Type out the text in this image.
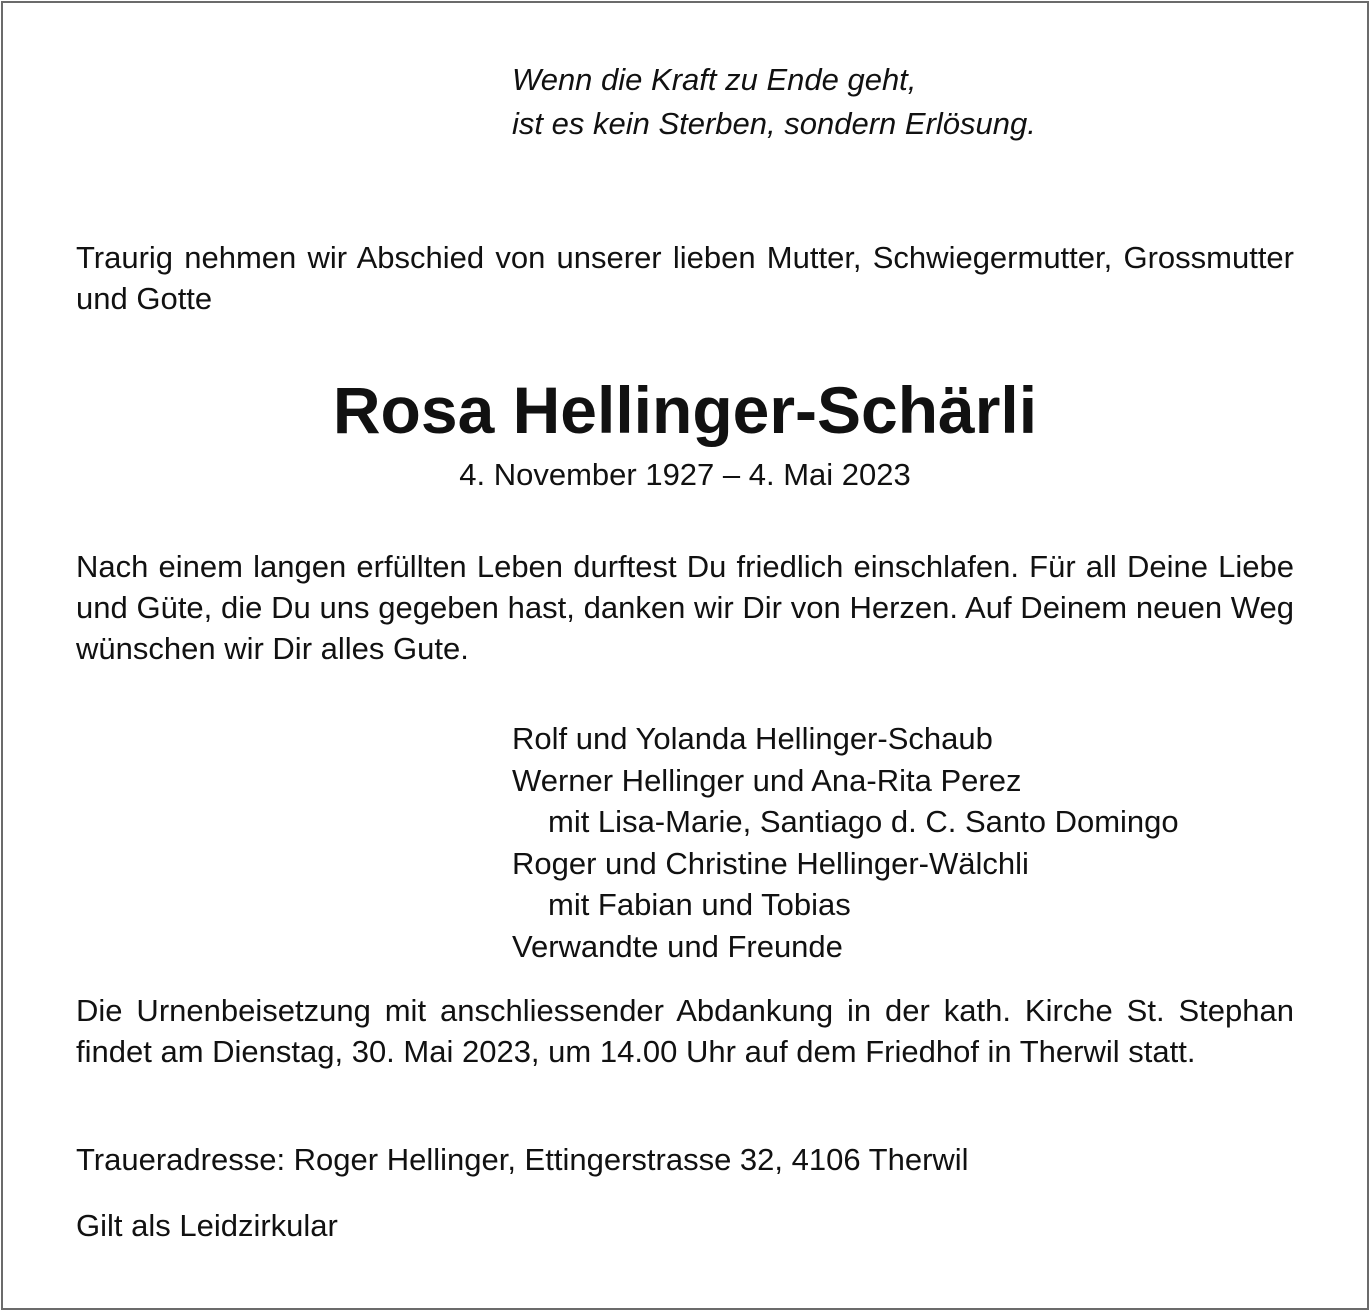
Wenn die Kraft zu Ende geht,
ist es kein Sterben, sondern Erlösung.
Traurig nehmen wir Abschied von unserer lieben Mutter, Schwiegermutter, Grossmutter und Gotte
Rosa Hellinger-Schärli
4. November 1927 – 4. Mai 2023
Nach einem langen erfüllten Leben durftest Du friedlich einschlafen. Für all Deine Liebe und Güte, die Du uns gegeben hast, danken wir Dir von Herzen. Auf Deinem neuen Weg wünschen wir Dir alles Gute.
Rolf und Yolanda Hellinger-Schaub
Werner Hellinger und Ana-Rita Perez
mit Lisa-Marie, Santiago d. C. Santo Domingo
Roger und Christine Hellinger-Wälchli
mit Fabian und Tobias
Verwandte und Freunde
Die Urnenbeisetzung mit anschliessender Abdankung in der kath. Kirche St. Stephan findet am Dienstag, 30. Mai 2023, um 14.00 Uhr auf dem Friedhof in Therwil statt.
Traueradresse: Roger Hellinger, Ettingerstrasse 32, 4106 Therwil
Gilt als Leidzirkular
